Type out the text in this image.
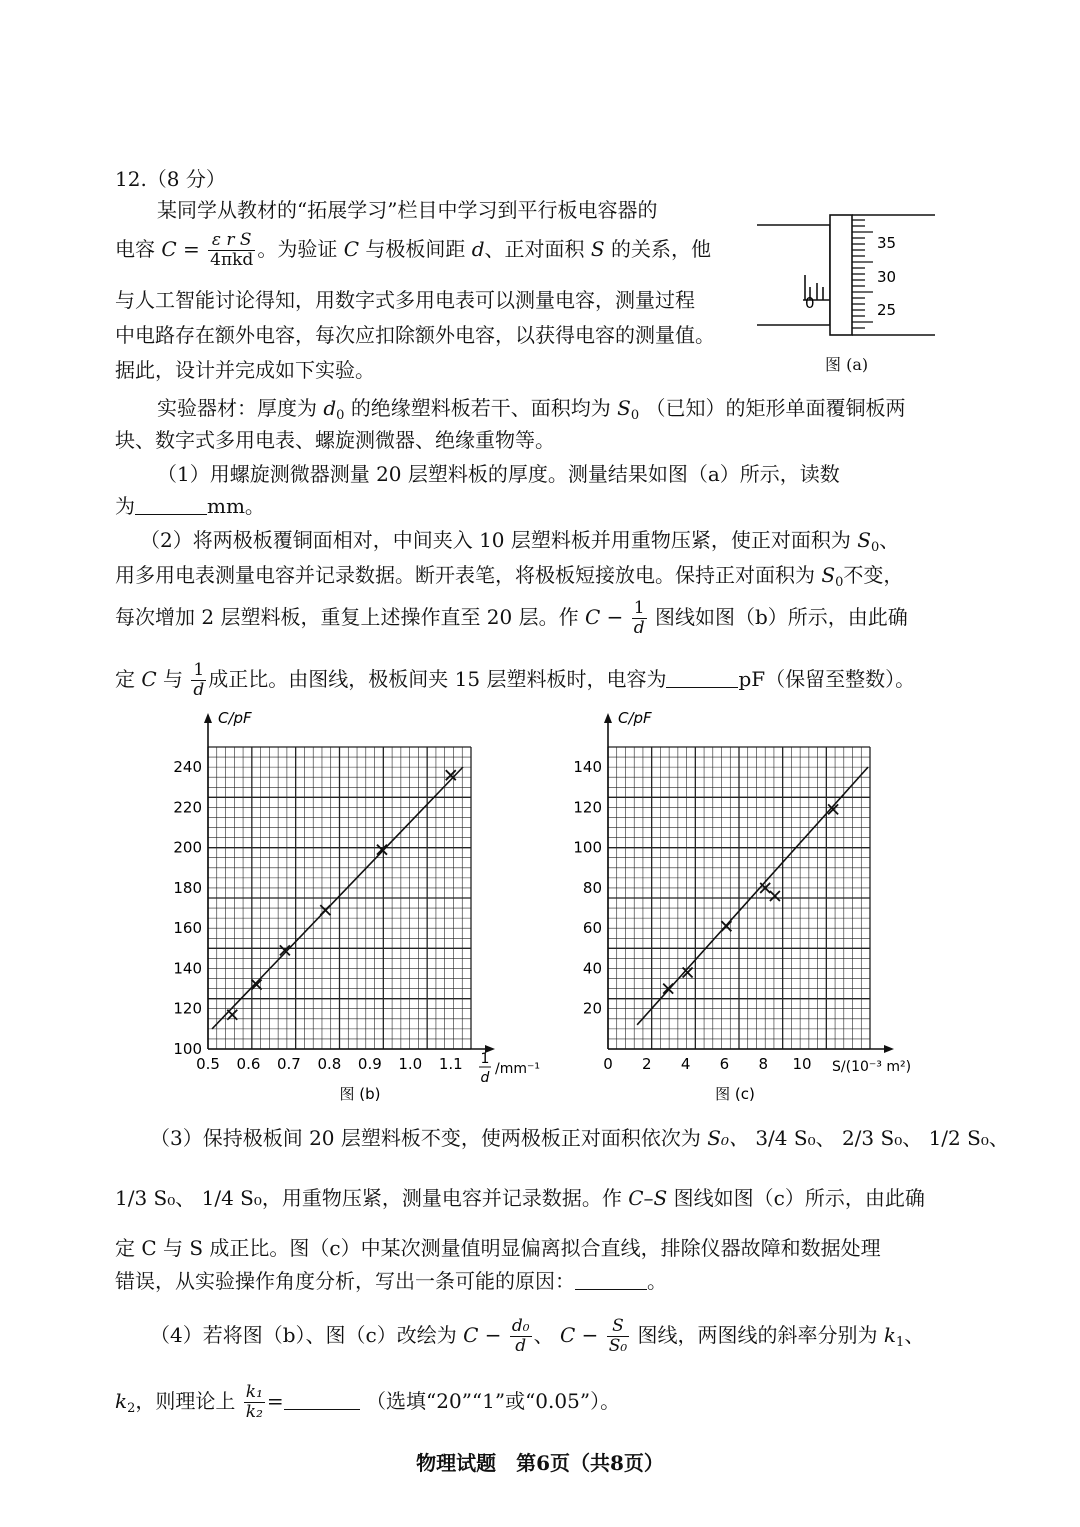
12.（8 分）
某同学从教材的“拓展学习”栏目中学习到平行板电容器的
电容 $C = \frac{\text{ε r S}}{\text{4πkd}}$ 。为验证 C 与极板间距 d、正对面积 S 的关系，他
与人工智能讨论得知，用数字式多用电表可以测量电容，测量过程
中电路存在额外电容，每次应扣除额外电容，以获得电容的测量值。
据此，设计并完成如下实验。
35
30
25
0
图 (a)
实验器材：厚度为 $d_0$ 的绝缘塑料板若干、面积均为 $S_0$ （已知）的矩形单面覆铜板两
块、数字式多用电表、螺旋测微器、绝缘重物等。
（1）用螺旋测微器测量 20 层塑料板的厚度。测量结果如图（a）所示，读数
为	mm。
（2）将两极板覆铜面相对，中间夹入 10 层塑料板并用重物压紧，使正对面积为 $S_0$、
用多用电表测量电容并记录数据。断开表笔，将极板短接放电。保持正对面积为 $S_0$不变，
每次增加 2 层塑料板，重复上述操作直至 20 层。作 $C - \frac{1}{d}$ 图线如图（b）所示，由此确
定 C 与 $\frac{1}{d}$ 成正比。由图线，极板间夹 15 层塑料板时，电容为	pF（保留至整数）。
100
120
140
160
180
200
220
240
0.5 0.6 0.7 0.8 0.9 1.0 1.1
C/pF
1
d
/mm⁻¹
图 (b)
20
40
60
80
100
120
140
0 2 4 6 8 10
C/pF
S/(10⁻³ m²)
图 (c)
（3）保持极板间 20 层塑料板不变，使两极板正对面积依次为 S₀、 3/4 S₀、 2/3 S₀、 1/2 S₀、
1/3 S₀、 1/4 S₀，用重物压紧，测量电容并记录数据。作 C–S 图线如图（c）所示，由此确
定 C 与 S 成正比。图（c）中某次测量值明显偏离拟合直线，排除仪器故障和数据处理
错误，从实验操作角度分析，写出一条可能的原因：	。
（4）若将图（b）、图（c）改绘为 $C - \frac{\text{d₀}}{d}$ 、 $C - \frac{S}{\text{S₀}}$ 图线，两图线的斜率分别为 $k_1$、
$k_2$，则理论上 $\frac{\text{k₁}}{\text{k₂}}$ =	（选填“20”“1”或“0.05”）。
物理试题　第6页（共8页）
